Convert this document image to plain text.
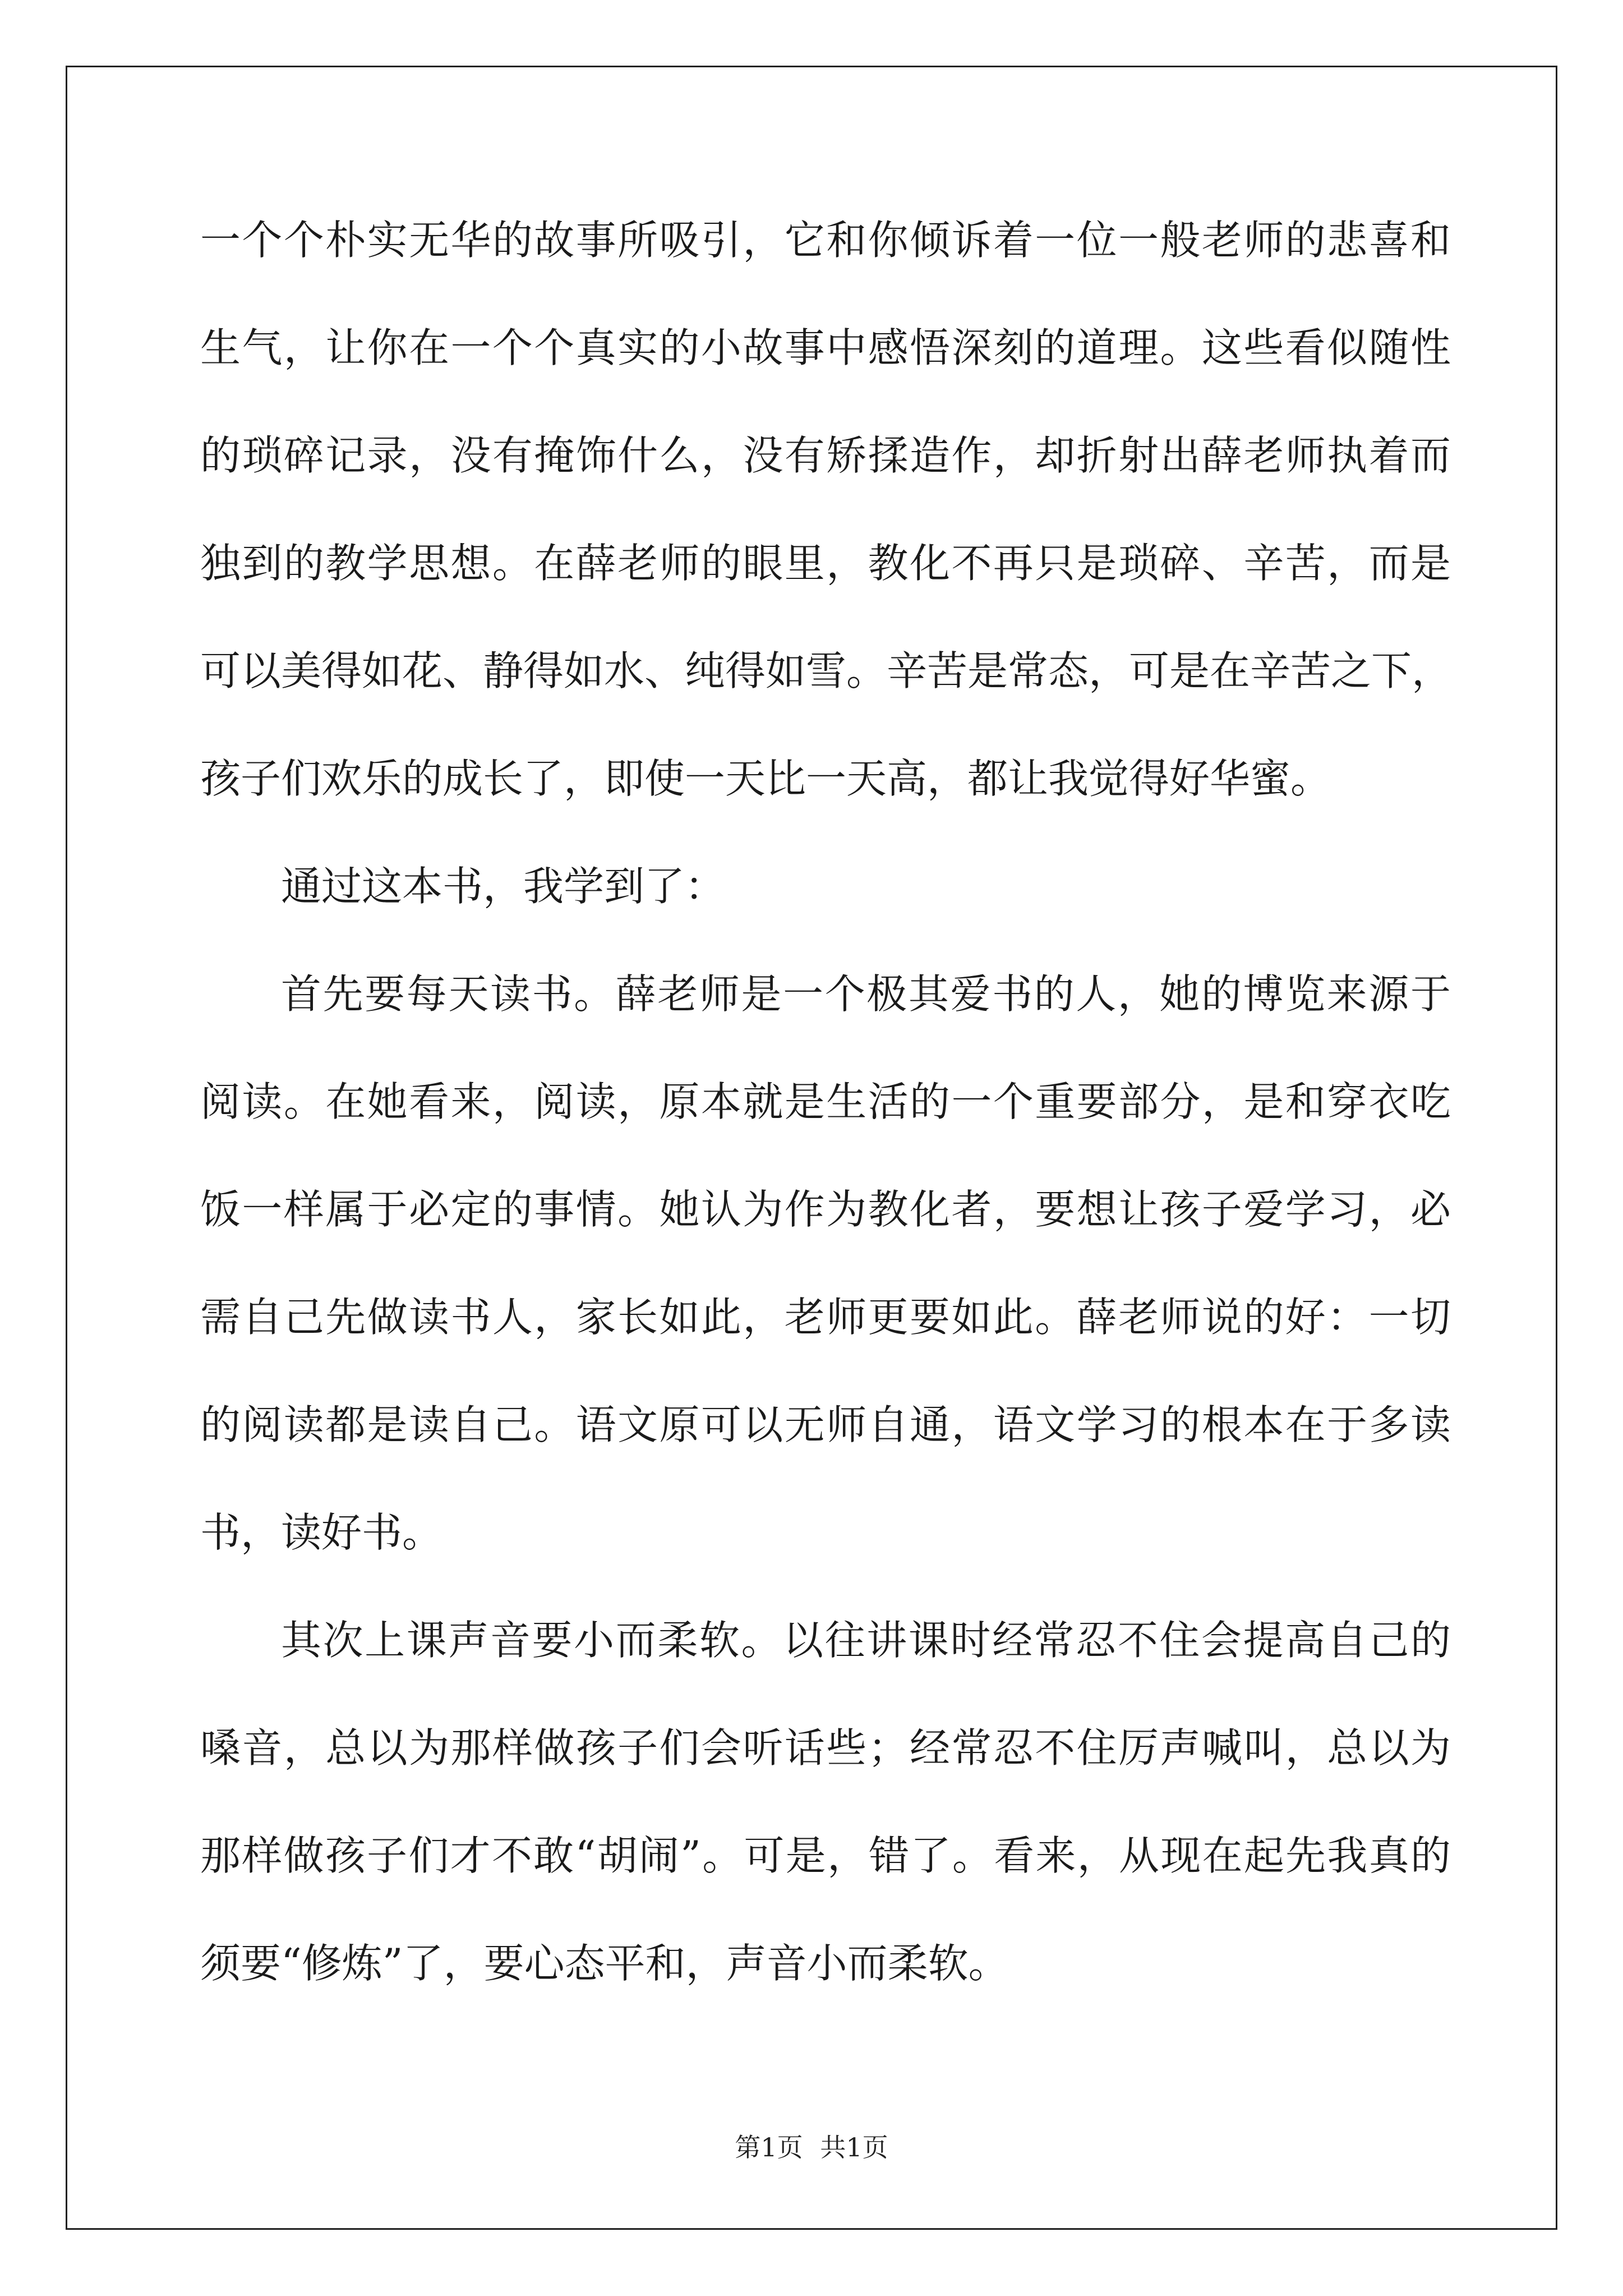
一个个朴实无华的故事所吸引，它和你倾诉着一位一般老师的悲喜和
生气，让你在一个个真实的小故事中感悟深刻的道理。这些看似随性
的琐碎记录，没有掩饰什么，没有矫揉造作，却折射出薛老师执着而
独到的教学思想。在薛老师的眼里，教化不再只是琐碎、辛苦，而是
可以美得如花、静得如水、纯得如雪。辛苦是常态，可是在辛苦之下，
孩子们欢乐的成长了，即使一天比一天高，都让我觉得好华蜜。
通过这本书，我学到了：
首先要每天读书。薛老师是一个极其爱书的人，她的博览来源于
阅读。在她看来，阅读，原本就是生活的一个重要部分，是和穿衣吃
饭一样属于必定的事情。她认为作为教化者，要想让孩子爱学习，必
需自己先做读书人，家长如此，老师更要如此。薛老师说的好：一切
的阅读都是读自己。语文原可以无师自通，语文学习的根本在于多读
书，读好书。
其次上课声音要小而柔软。以往讲课时经常忍不住会提高自己的
嗓音，总以为那样做孩子们会听话些；经常忍不住厉声喊叫，总以为
那样做孩子们才不敢“胡闹”。可是，错了。看来，从现在起先我真的
须要“修炼”了，要心态平和，声音小而柔软。
第1页 共1页
